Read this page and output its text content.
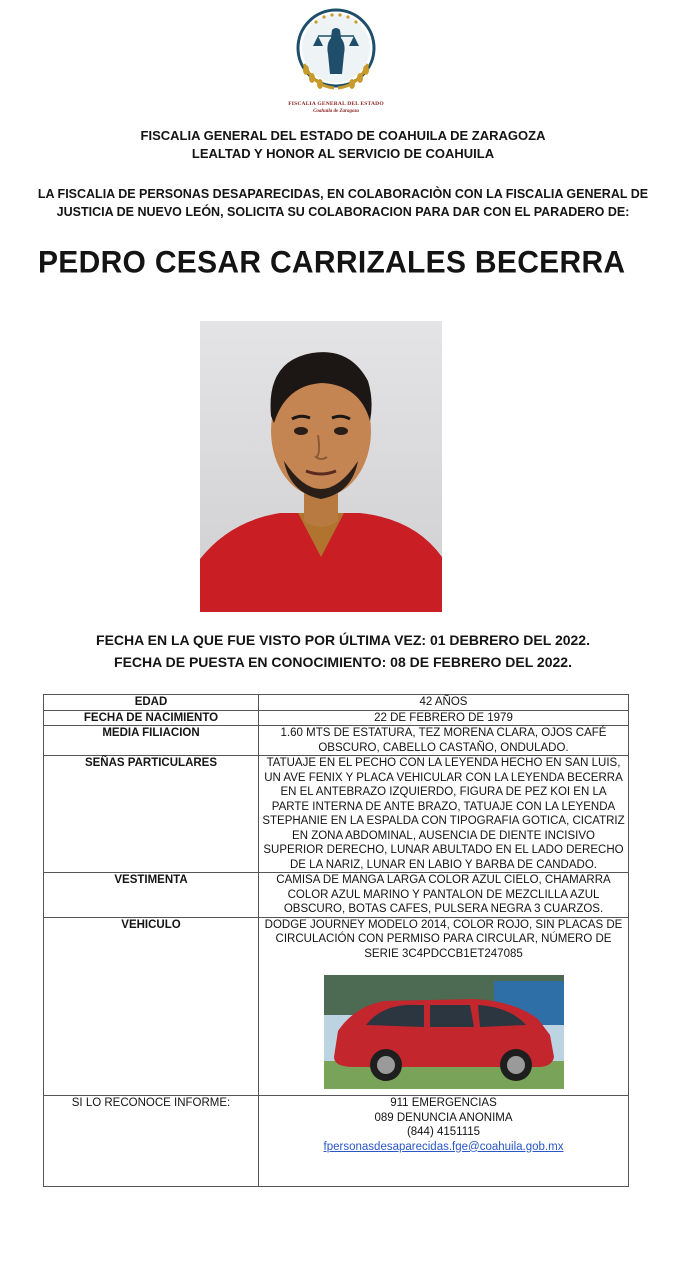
FISCALIA GENERAL DEL ESTADO
Coahuila de Zaragoza
FISCALIA GENERAL DEL ESTADO DE COAHUILA DE ZARAGOZA
LEALTAD Y HONOR AL SERVICIO DE COAHUILA
LA FISCALIA DE PERSONAS DESAPARECIDAS, EN COLABORACIÒN CON LA FISCALIA GENERAL DE JUSTICIA DE NUEVO LEÓN, SOLICITA SU COLABORACION PARA DAR CON EL PARADERO DE:
PEDRO CESAR CARRIZALES BECERRA
FECHA EN LA QUE FUE VISTO POR ÚLTIMA VEZ: 01 DEBRERO DEL 2022.
FECHA DE PUESTA EN CONOCIMIENTO: 08 DE FEBRERO DEL 2022.
EDAD	42 AÑOS
FECHA DE NACIMIENTO	22 DE FEBRERO DE 1979
MEDIA FILIACION	1.60 MTS DE ESTATURA, TEZ MORENA CLARA, OJOS CAFÉ OBSCURO, CABELLO CASTAÑO, ONDULADO.
SEÑAS PARTICULARES	TATUAJE EN EL PECHO CON LA LEYENDA HECHO EN SAN LUIS, UN AVE FENIX Y PLACA VEHICULAR CON LA LEYENDA BECERRA EN EL ANTEBRAZO IZQUIERDO, FIGURA DE PEZ KOI EN LA PARTE INTERNA DE ANTE BRAZO, TATUAJE CON LA LEYENDA STEPHANIE EN LA ESPALDA CON TIPOGRAFIA GOTICA, CICATRIZ EN ZONA ABDOMINAL, AUSENCIA DE DIENTE INCISIVO SUPERIOR DERECHO, LUNAR ABULTADO EN EL LADO DERECHO DE LA NARIZ, LUNAR EN LABIO Y BARBA DE CANDADO.
VESTIMENTA	CAMISA DE MANGA LARGA COLOR AZUL CIELO, CHAMARRA COLOR AZUL MARINO Y PANTALON DE MEZCLILLA AZUL OBSCURO, BOTAS CAFES, PULSERA NEGRA 3 CUARZOS.
VEHICULO	DODGE JOURNEY MODELO 2014, COLOR ROJO, SIN PLACAS DE CIRCULACIÓN CON PERMISO PARA CIRCULAR, NÚMERO DE SERIE 3C4PDCCB1ET247085

SI LO RECONOCE INFORME:	911 EMERGENCIAS
089 DENUNCIA ANONIMA
(844) 4151115
fpersonasdesaparecidas.fge@coahuila.gob.mx
